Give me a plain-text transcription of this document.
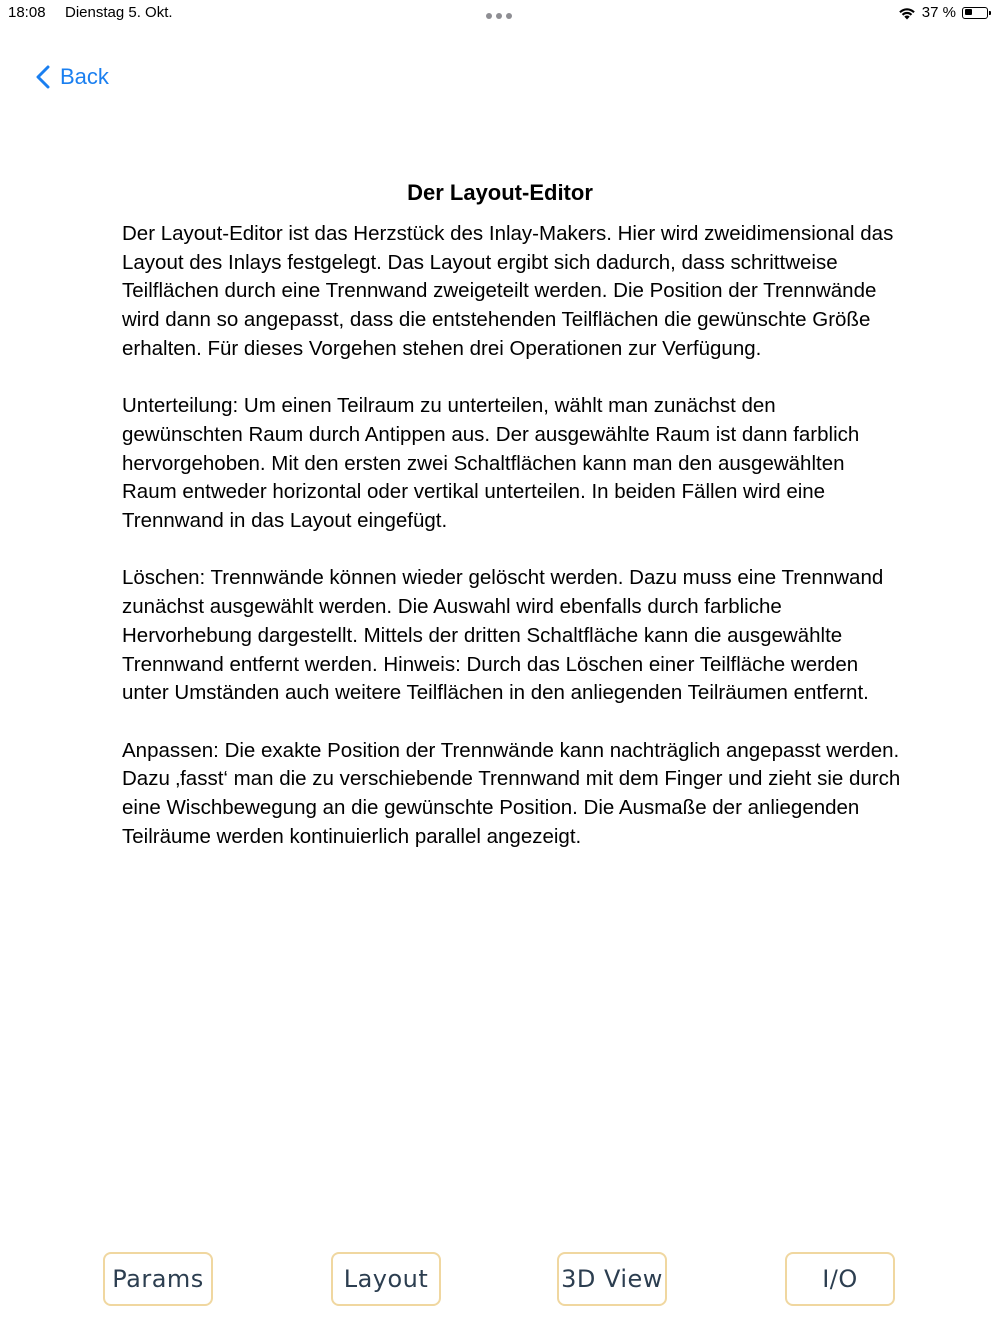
18:08 Dienstag 5. Okt.	37 %
Back
Der Layout-Editor

Der Layout-Editor ist das Herzstück des Inlay-Makers. Hier wird zweidimensional das Layout des Inlays festgelegt. Das Layout ergibt sich dadurch, dass schrittweise Teilflächen durch eine Trennwand zweigeteilt werden. Die Position der Trennwände wird dann so angepasst, dass die entstehenden Teilflächen die gewünschte Größe erhalten. Für dieses Vorgehen stehen drei Operationen zur Verfügung.

Unterteilung: Um einen Teilraum zu unterteilen, wählt man zunächst den gewünschten Raum durch Antippen aus. Der ausgewählte Raum ist dann farblich hervorgehoben. Mit den ersten zwei Schaltflächen kann man den ausgewählten Raum entweder horizontal oder vertikal unterteilen. In beiden Fällen wird eine Trennwand in das Layout eingefügt.

Löschen: Trennwände können wieder gelöscht werden. Dazu muss eine Trennwand zunächst ausgewählt werden. Die Auswahl wird ebenfalls durch farbliche Hervorhebung dargestellt. Mittels der dritten Schaltfläche kann die ausgewählte Trennwand entfernt werden. Hinweis: Durch das Löschen einer Teilfläche werden unter Umständen auch weitere Teilflächen in den anliegenden Teilräumen entfernt.

Anpassen: Die exakte Position der Trennwände kann nachträglich angepasst werden. Dazu ‚fasst‘ man die zu verschiebende Trennwand mit dem Finger und zieht sie durch eine Wischbewegung an die gewünschte Position. Die Ausmaße der anliegenden Teilräume werden kontinuierlich parallel angezeigt.

Params	Layout	3D View	I/O
